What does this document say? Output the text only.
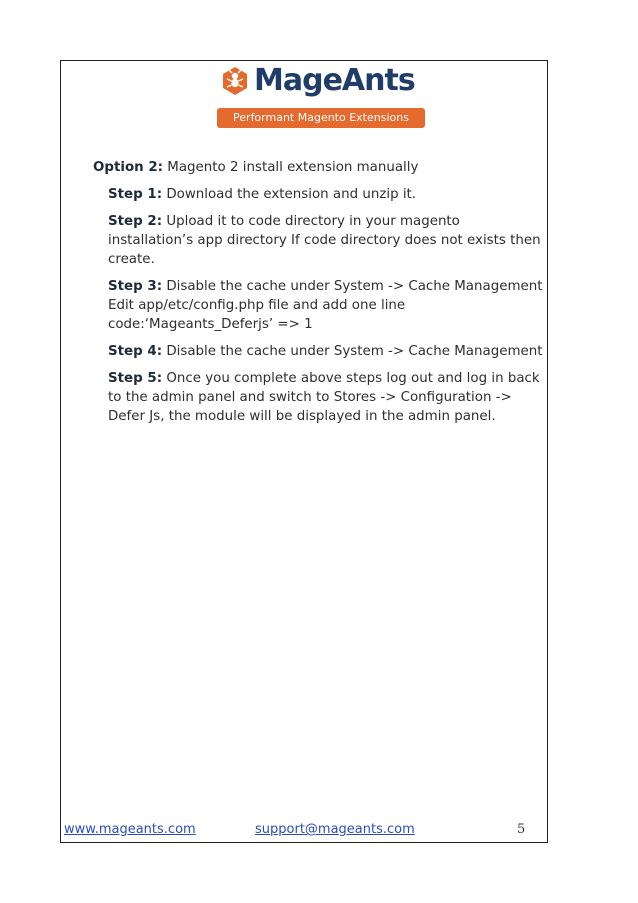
MageAnts
Performant Magento Extensions

Option 2: Magento 2 install extension manually

Step 1: Download the extension and unzip it.

Step 2: Upload it to code directory in your magento installation’s app directory If code directory does not exists then create.

Step 3: Disable the cache under System -> Cache Management Edit app/etc/config.php file and add one line code:‘Mageants_Deferjs’ => 1

Step 4: Disable the cache under System -> Cache Management

Step 5: Once you complete above steps log out and log in back to the admin panel and switch to Stores -> Configuration -> Defer Js, the module will be displayed in the admin panel.

www.mageants.com	support@mageants.com	5
